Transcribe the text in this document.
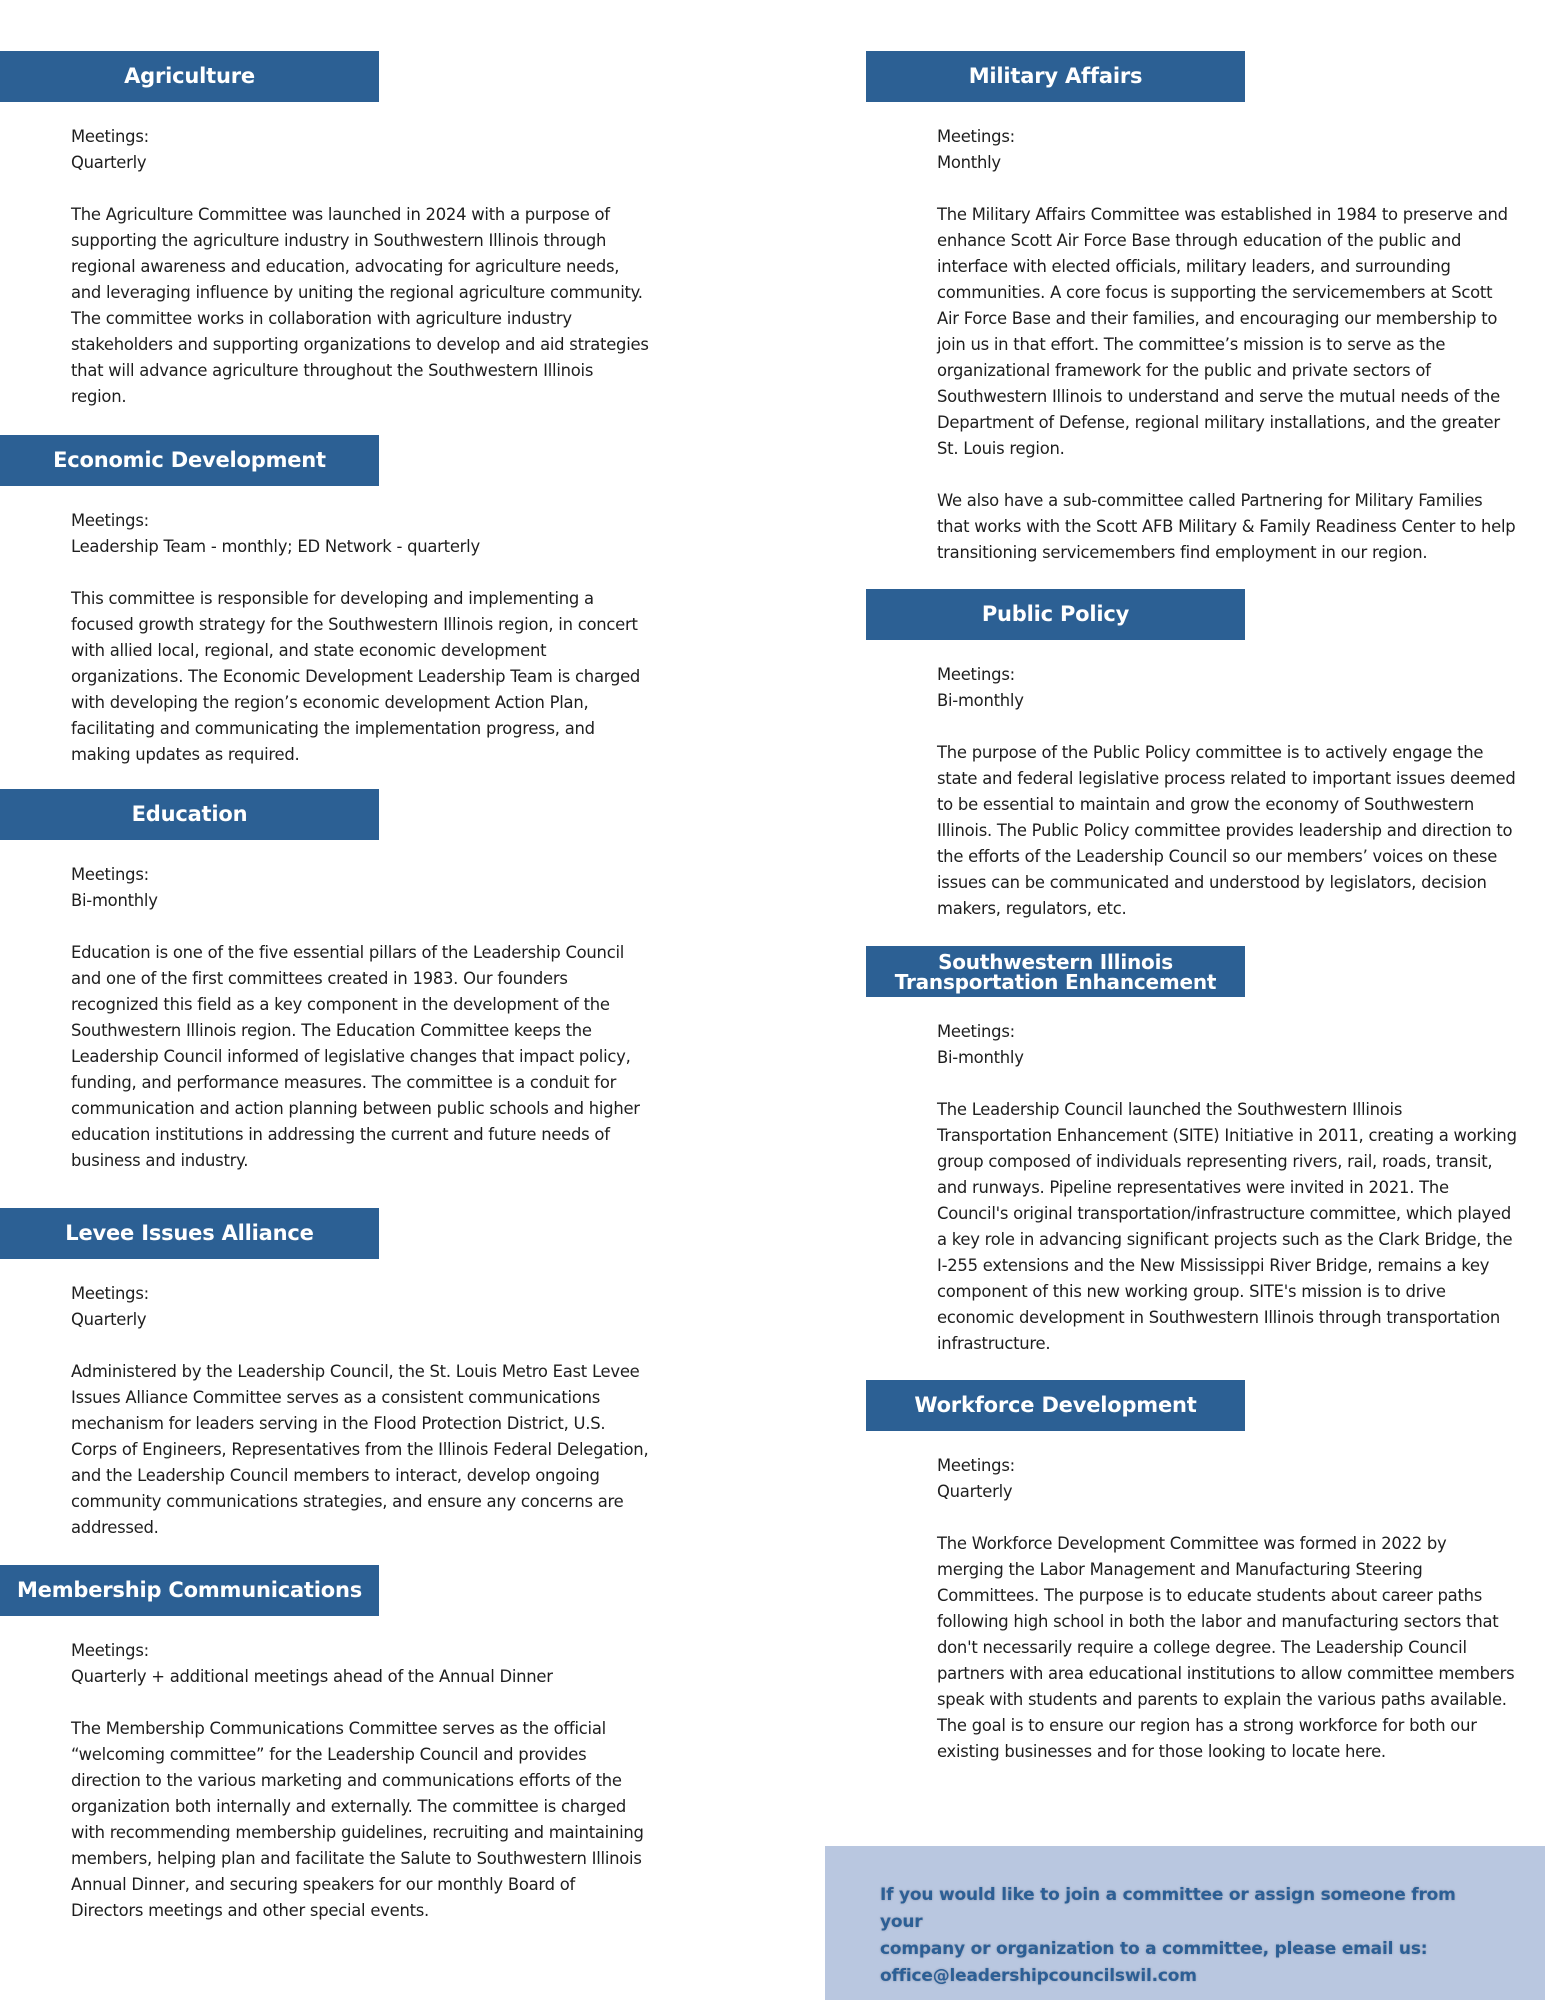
Agriculture
Meetings:
Quarterly
The Agriculture Committee was launched in 2024 with a purpose of supporting the agriculture industry in Southwestern Illinois through regional awareness and education, advocating for agriculture needs, and leveraging influence by uniting the regional agriculture community. The committee works in collaboration with agriculture industry stakeholders and supporting organizations to develop and aid strategies that will advance agriculture throughout the Southwestern Illinois region.
Economic Development
Meetings:
Leadership Team - monthly; ED Network - quarterly
This committee is responsible for developing and implementing a focused growth strategy for the Southwestern Illinois region, in concert with allied local, regional, and state economic development organizations. The Economic Development Leadership Team is charged with developing the region’s economic development Action Plan, facilitating and communicating the implementation progress, and making updates as required.
Education
Meetings:
Bi-monthly
Education is one of the five essential pillars of the Leadership Council and one of the first committees created in 1983. Our founders recognized this field as a key component in the development of the Southwestern Illinois region. The Education Committee keeps the Leadership Council informed of legislative changes that impact policy, funding, and performance measures. The committee is a conduit for communication and action planning between public schools and higher education institutions in addressing the current and future needs of business and industry.
Levee Issues Alliance
Meetings:
Quarterly
Administered by the Leadership Council, the St. Louis Metro East Levee Issues Alliance Committee serves as a consistent communications mechanism for leaders serving in the Flood Protection District, U.S. Corps of Engineers, Representatives from the Illinois Federal Delegation, and the Leadership Council members to interact, develop ongoing community communications strategies, and ensure any concerns are addressed.
Membership Communications
Meetings:
Quarterly + additional meetings ahead of the Annual Dinner
The Membership Communications Committee serves as the official “welcoming committee” for the Leadership Council and provides direction to the various marketing and communications efforts of the organization both internally and externally. The committee is charged with recommending membership guidelines, recruiting and maintaining members, helping plan and facilitate the Salute to Southwestern Illinois Annual Dinner, and securing speakers for our monthly Board of Directors meetings and other special events.
Military Affairs
Meetings:
Monthly
The Military Affairs Committee was established in 1984 to preserve and enhance Scott Air Force Base through education of the public and interface with elected officials, military leaders, and surrounding communities. A core focus is supporting the servicemembers at Scott Air Force Base and their families, and encouraging our membership to join us in that effort. The committee’s mission is to serve as the organizational framework for the public and private sectors of Southwestern Illinois to understand and serve the mutual needs of the Department of Defense, regional military installations, and the greater St. Louis region.
We also have a sub-committee called Partnering for Military Families that works with the Scott AFB Military & Family Readiness Center to help transitioning servicemembers find employment in our region.
Public Policy
Meetings:
Bi-monthly
The purpose of the Public Policy committee is to actively engage the state and federal legislative process related to important issues deemed to be essential to maintain and grow the economy of Southwestern Illinois. The Public Policy committee provides leadership and direction to the efforts of the Leadership Council so our members’ voices on these issues can be communicated and understood by legislators, decision makers, regulators, etc.
Southwestern Illinois
Transportation Enhancement
Meetings:
Bi-monthly
The Leadership Council launched the Southwestern Illinois Transportation Enhancement (SITE) Initiative in 2011, creating a working group composed of individuals representing rivers, rail, roads, transit, and runways. Pipeline representatives were invited in 2021. The Council's original transportation/infrastructure committee, which played a key role in advancing significant projects such as the Clark Bridge, the I-255 extensions and the New Mississippi River Bridge, remains a key component of this new working group. SITE's mission is to drive economic development in Southwestern Illinois through transportation infrastructure.
Workforce Development
Meetings:
Quarterly
The Workforce Development Committee was formed in 2022 by merging the Labor Management and Manufacturing Steering Committees. The purpose is to educate students about career paths following high school in both the labor and manufacturing sectors that don't necessarily require a college degree. The Leadership Council partners with area educational institutions to allow committee members speak with students and parents to explain the various paths available. The goal is to ensure our region has a strong workforce for both our existing businesses and for those looking to locate here.

If you would like to join a committee or assign someone from your
company or organization to a committee, please email us:
office@leadershipcouncilswil.com
